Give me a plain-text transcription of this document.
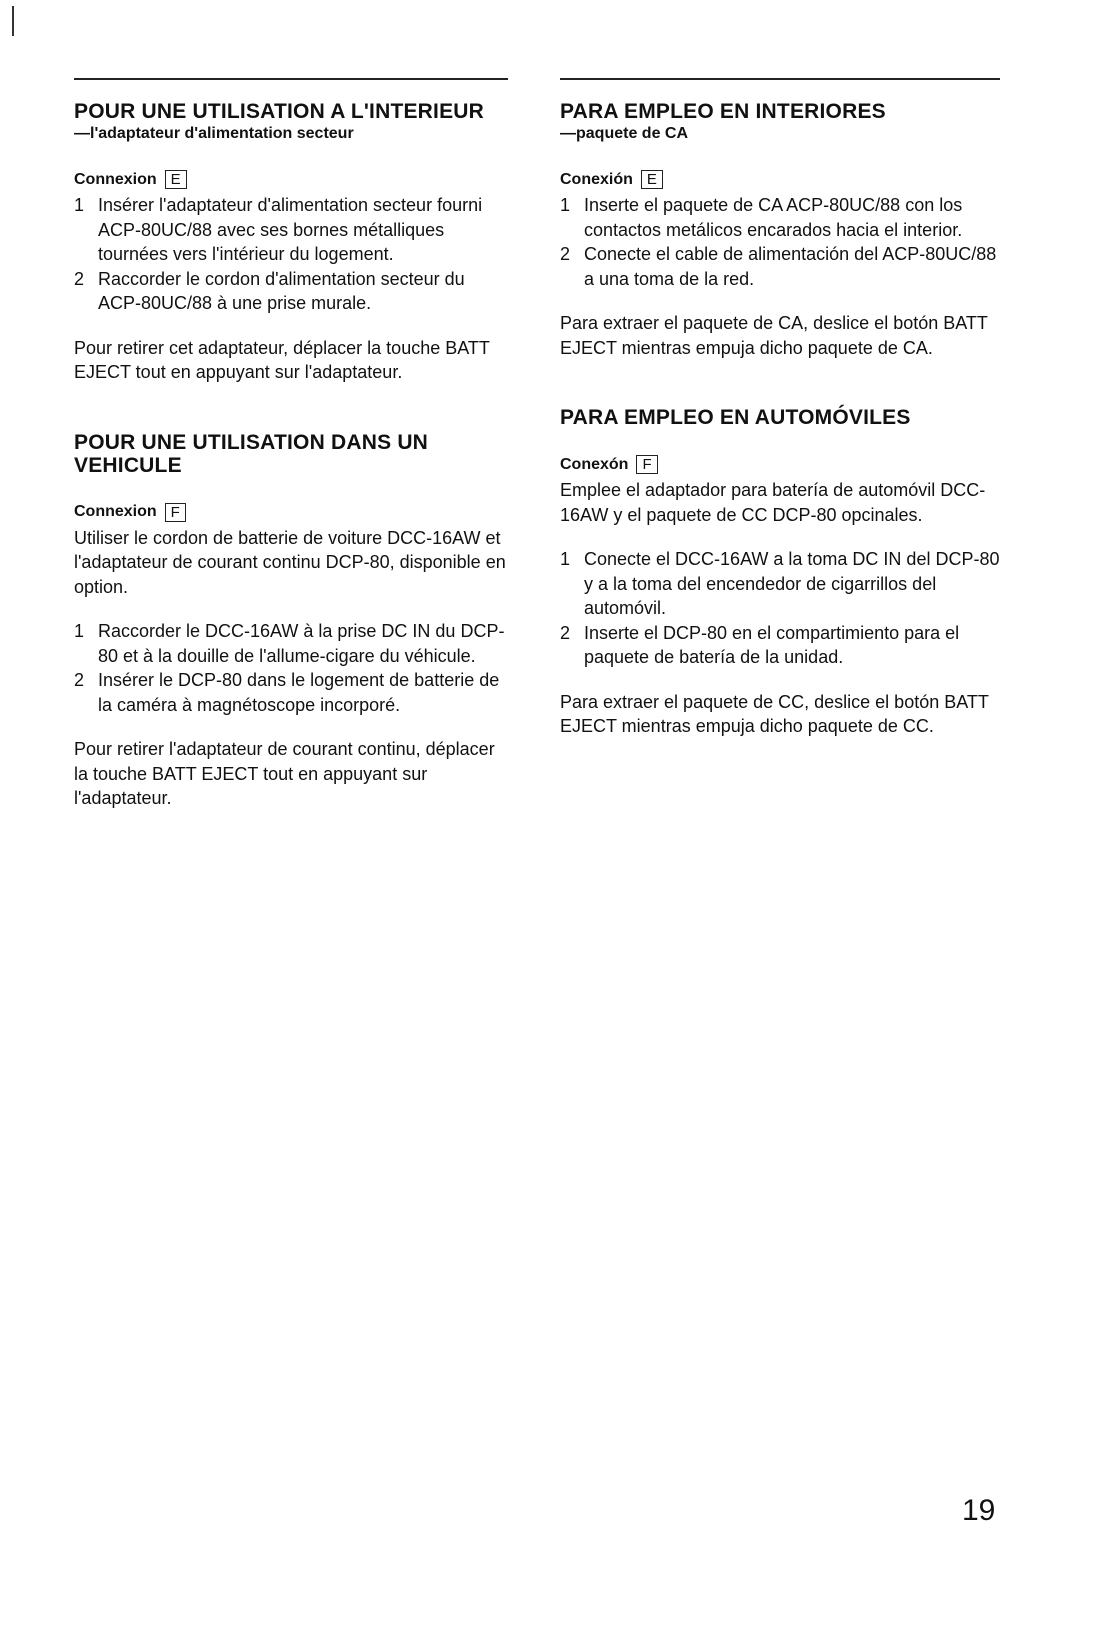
POUR UNE UTILISATION A L'INTERIEUR
—l'adaptateur d'alimentation secteur
Connexion E
1 Insérer l'adaptateur d'alimentation secteur fourni ACP-80UC/88 avec ses bornes métalliques tournées vers l'intérieur du logement.
2 Raccorder le cordon d'alimentation secteur du ACP-80UC/88 à une prise murale.

Pour retirer cet adaptateur, déplacer la touche BATT EJECT tout en appuyant sur l'adaptateur.

POUR UNE UTILISATION DANS UN VEHICULE
Connexion F

Utiliser le cordon de batterie de voiture DCC-16AW et l'adaptateur de courant continu DCP-80, disponible en option.

1 Raccorder le DCC-16AW à la prise DC IN du DCP-80 et à la douille de l'allume-cigare du véhicule.
2 Insérer le DCP-80 dans le logement de batterie de la caméra à magnétoscope incorporé.

Pour retirer l'adaptateur de courant continu, déplacer la touche BATT EJECT tout en appuyant sur l'adaptateur.

PARA EMPLEO EN INTERIORES
—paquete de CA
Conexión E
1 Inserte el paquete de CA ACP-80UC/88 con los contactos metálicos encarados hacia el interior.
2 Conecte el cable de alimentación del ACP-80UC/88 a una toma de la red.

Para extraer el paquete de CA, deslice el botón BATT EJECT mientras empuja dicho paquete de CA.

PARA EMPLEO EN AUTOMÓVILES
Conexón F

Emplee el adaptador para batería de automóvil DCC-16AW y el paquete de CC DCP-80 opcinales.

1 Conecte el DCC-16AW a la toma DC IN del DCP-80 y a la toma del encendedor de cigarrillos del automóvil.
2 Inserte el DCP-80 en el compartimiento para el paquete de batería de la unidad.

Para extraer el paquete de CC, deslice el botón BATT EJECT mientras empuja dicho paquete de CC.

19
